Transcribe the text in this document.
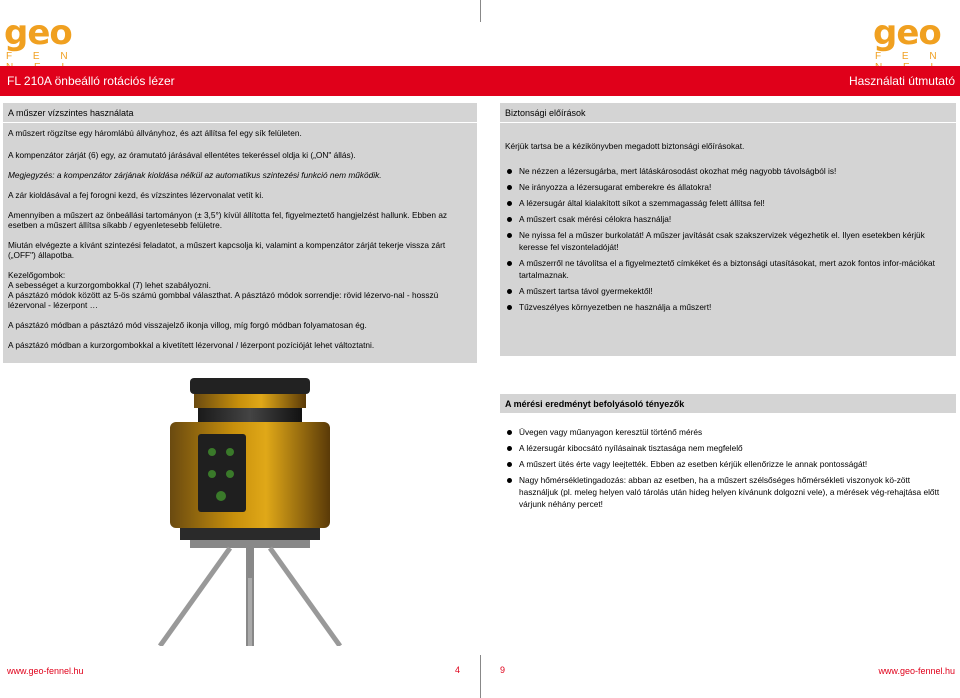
geo
F E N
geo
F E N
FL 210A önbeálló rotációs lézer	Használati útmutató
A műszer vízszintes használata

A műszert rögzítse egy háromlábú állványhoz, és azt állítsa fel egy sík felületen.

A kompenzátor zárját (6) egy, az óramutató járásával ellentétes tekeréssel oldja ki („ON" állás).

Megjegyzés: a kompenzátor zárjának kioldása nélkül az automatikus szintezési funkció nem működik.

A zár kioldásával a fej forogni kezd, és vízszintes lézervonalat vetít ki.

Amennyiben a műszert az önbeállási tartományon (± 3,5°) kívül állította fel, figyelmeztető hangjelzést hallunk. Ebben az esetben a műszert állítsa síkabb / egyenletesebb felületre.

Miután elvégezte a kívánt szintezési feladatot, a műszert kapcsolja ki, valamint a kompenzátor zárját tekerje vissza zárt („OFF") állapotba.

Kezelőgombok:

A sebességet a kurzorgombokkal (7) lehet szabályozni.

A pásztázó módok között az 5-ös számú gombbal választhat. A pásztázó módok sorrendje: rövid lézervo-nal - hosszú lézervonal - lézerpont …

A pásztázó módban a pásztázó mód visszajelző ikonja villog, míg forgó módban folyamatosan ég.

A pásztázó módban a kurzorgombokkal a kivetített lézervonal / lézerpont pozícióját lehet változtatni.

Biztonsági előírások

Kérjük tartsa be a kézikönyvben megadott biztonsági előírásokat.

Ne nézzen a lézersugárba, mert látáskárosodást okozhat még nagyobb távolságból is!
Ne irányozza a lézersugarat emberekre és állatokra!
A lézersugár által kialakított síkot a szemmagasság felett állítsa fel!
A műszert csak mérési célokra használja!
Ne nyissa fel a műszer burkolatát! A műszer javítását csak szakszervizek végezhetik el. Ilyen esetekben kérjük keresse fel viszonteladóját!
A műszerről ne távolítsa el a figyelmeztető címkéket és a biztonsági utasításokat, mert azok fontos infor-mációkat tartalmaznak.
A műszert tartsa távol gyermekektől!
Tűzveszélyes környezetben ne használja a műszert!
A mérési eredményt befolyásoló tényezők
Üvegen vagy műanyagon keresztül történő mérés
A lézersugár kibocsátó nyílásainak tisztasága nem megfelelő
A műszert ütés érte vagy leejtették. Ebben az esetben kérjük ellenőrizze le annak pontosságát!
Nagy hőmérsékletingadozás: abban az esetben, ha a műszert szélsőséges hőmérsékleti viszonyok kö-zött használjuk (pl. meleg helyen való tárolás után hideg helyen kívánunk dolgozni vele), a mérések vég-rehajtása előtt várjunk néhány percet!
www.geo-fennel.hu	4	9	www.geo-fennel.hu
